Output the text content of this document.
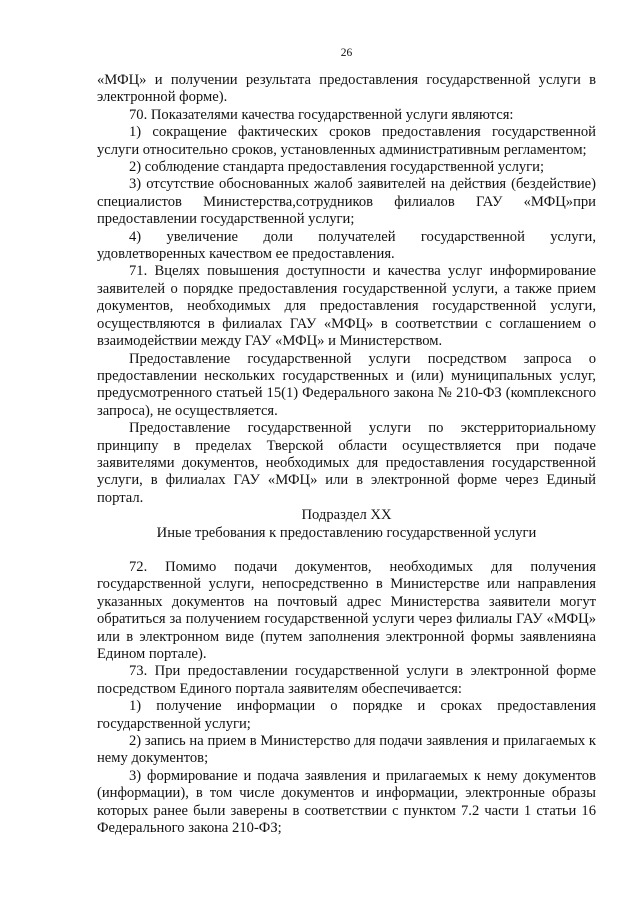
26

«МФЦ» и получении результата предоставления государственной услуги в электронной форме).

70. Показателями качества государственной услуги являются:

1) сокращение фактических сроков предоставления государственной услуги относительно сроков, установленных административным регламентом;

2) соблюдение стандарта предоставления государственной услуги;

3) отсутствие обоснованных жалоб заявителей на действия (бездействие) специалистов Министерства,сотрудников филиалов ГАУ «МФЦ»при предоставлении государственной услуги;

4) увеличение доли получателей государственной услуги, удовлетворенных качеством ее предоставления.

71. Вцелях повышения доступности и качества услуг информирование заявителей о порядке предоставления государственной услуги, а также прием документов, необходимых для предоставления государственной услуги, осуществляются в филиалах ГАУ «МФЦ» в соответствии с соглашением о взаимодействии между ГАУ «МФЦ» и Министерством.

Предоставление государственной услуги посредством запроса о предоставлении нескольких государственных и (или) муниципальных услуг, предусмотренного статьей 15(1) Федерального закона № 210-ФЗ (комплексного запроса), не осуществляется.

Предоставление государственной услуги по экстерриториальному принципу в пределах Тверской области осуществляется при подаче заявителями документов, необходимых для предоставления государственной услуги, в филиалах ГАУ «МФЦ» или в электронной форме через Единый портал.

Подраздел XX

Иные требования к предоставлению государственной услуги

72. Помимо подачи документов, необходимых для получения государственной услуги, непосредственно в Министерстве или направления указанных документов на почтовый адрес Министерства заявители могут обратиться за получением государственной услуги через филиалы ГАУ «МФЦ» или в электронном виде (путем заполнения электронной формы заявленияна Едином портале).

73. При предоставлении государственной услуги в электронной форме посредством Единого портала заявителям обеспечивается:

1) получение информации о порядке и сроках предоставления государственной услуги;

2) запись на прием в Министерство для подачи заявления и прилагаемых к нему документов;

3) формирование и подача заявления и прилагаемых к нему документов (информации), в том числе документов и информации, электронные образы которых ранее были заверены в соответствии с пунктом 7.2 части 1 статьи 16 Федерального закона 210-ФЗ;
